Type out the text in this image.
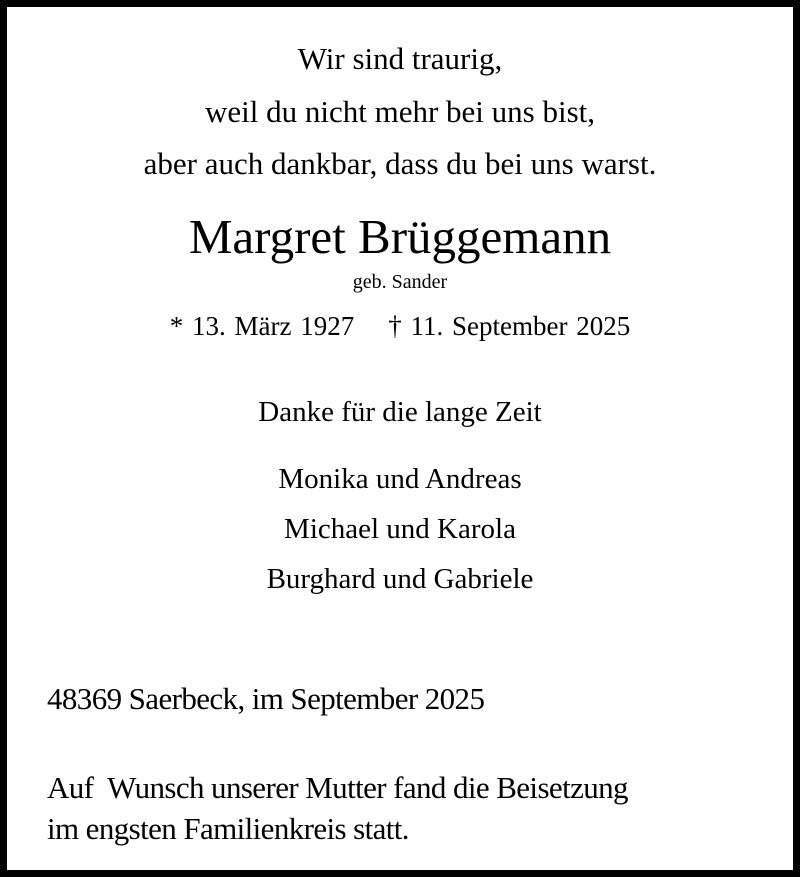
Wir sind traurig,
weil du nicht mehr bei uns bist,
aber auch dankbar, dass du bei uns warst.
Margret Brüggemann
geb. Sander
* 13. März 1927 † 11. September 2025
Danke für die lange Zeit
Monika und Andreas
Michael und Karola
Burghard und Gabriele
48369 Saerbeck, im September 2025
Auf  Wunsch unserer Mutter fand die Beisetzung
im engsten Familienkreis statt.
